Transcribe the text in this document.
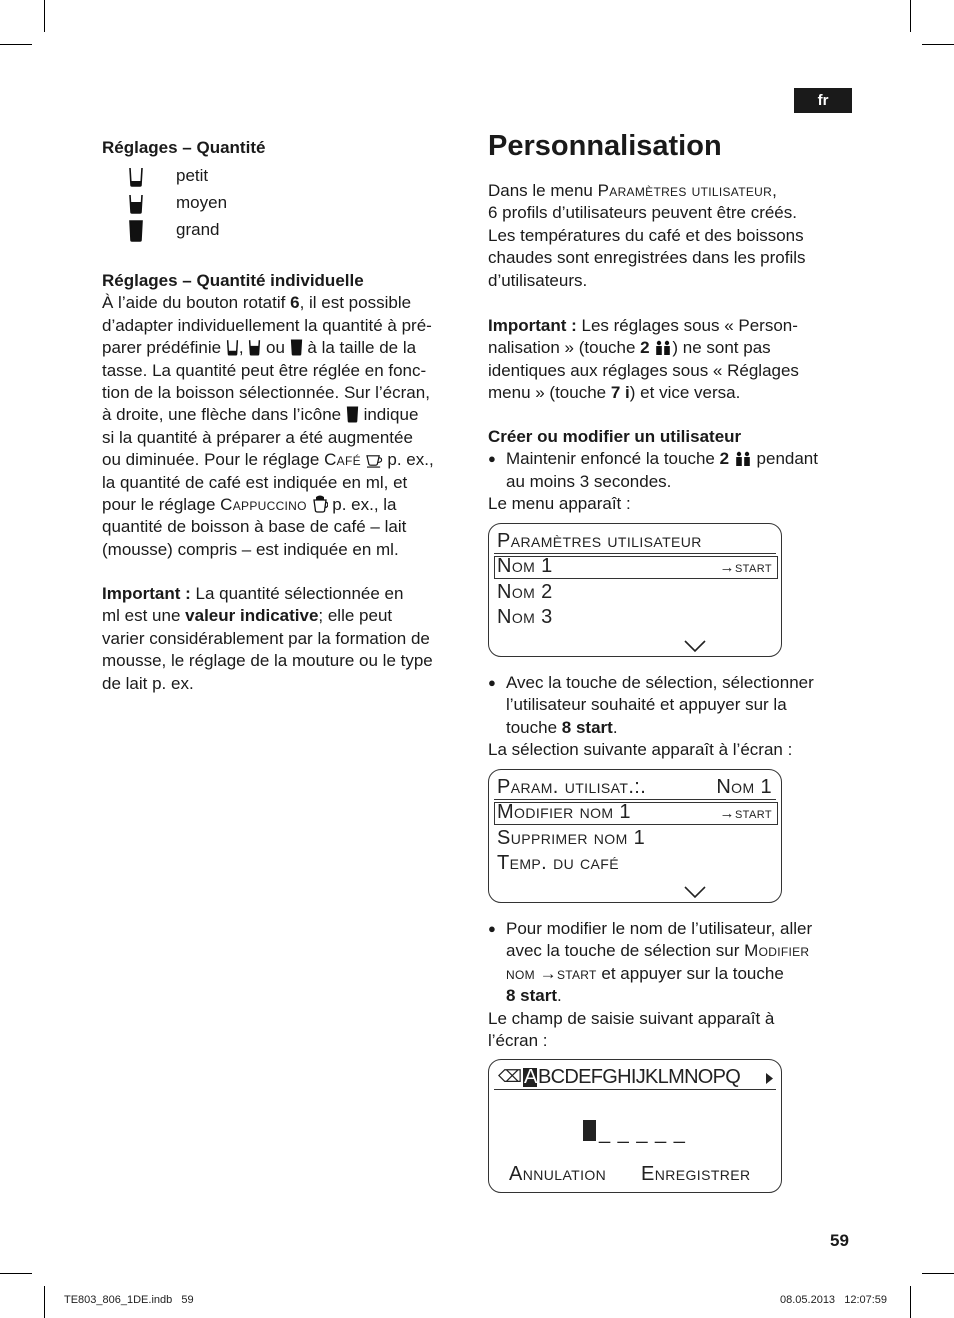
fr
Réglages – Quantité
petit
moyen
grand

Réglages – Quantité individuelle

À l’aide du bouton rotatif 6, il est possible

d’adapter individuellement la quantité à pré-

parer prédéfinie ,  ou à la taille de la

tasse. La quantité peut être réglée en fonc-

tion de la boisson sélectionnée. Sur l’écran,

à droite, une flèche dans l’icône indique

si la quantité à préparer a été augmentée

ou diminuée. Pour le réglage Café p. ex.,

la quantité de café est indiquée en ml, et

pour le réglage Cappuccino p. ex., la

quantité de boisson à base de café – lait

(mousse) compris – est indiquée en ml.

Important : La quantité sélectionnée en

ml est une valeur indicative; elle peut

varier considérablement par la formation de

mousse, le réglage de la mouture ou le type

de lait p. ex.

Personnalisation

Dans le menu Paramètres utilisateur,

6 profils d’utilisateurs peuvent être créés.

Les températures du café et des boissons

chaudes sont enregistrées dans les profils

d’utilisateurs.

Important : Les réglages sous « Person-

nalisation » (touche 2 ) ne sont pas

identiques aux réglages sous « Réglages

menu » (touche 7 i) et vice versa.

Créer ou modifier un utilisateur

● Maintenir enfoncé la touche 2 pendant

au moins 3 secondes.

Le menu apparaît :

Paramètres utilisateur
Nom 1	→start
Nom 2
Nom 3

● Avec la touche de sélection, sélectionner

l’utilisateur souhaité et appuyer sur la

touche 8 start.

La sélection suivante apparaît à l’écran :

Param. utilisat.:.	Nom 1
Modifier nom 1	→start
Supprimer nom 1
Temp. du café

● Pour modifier le nom de l’utilisateur, aller

avec la touche de sélection sur Modifier

nom →start et appuyer sur la touche

8 start.

Le champ de saisie suivant apparaît à

l’écran :

⌫ A BCDEFGHIJKLMNOPQ
_ _ _ _ _
Annulation Enregistrer
59
TE803_806_1DE.indb   59	08.05.2013   12:07:59
